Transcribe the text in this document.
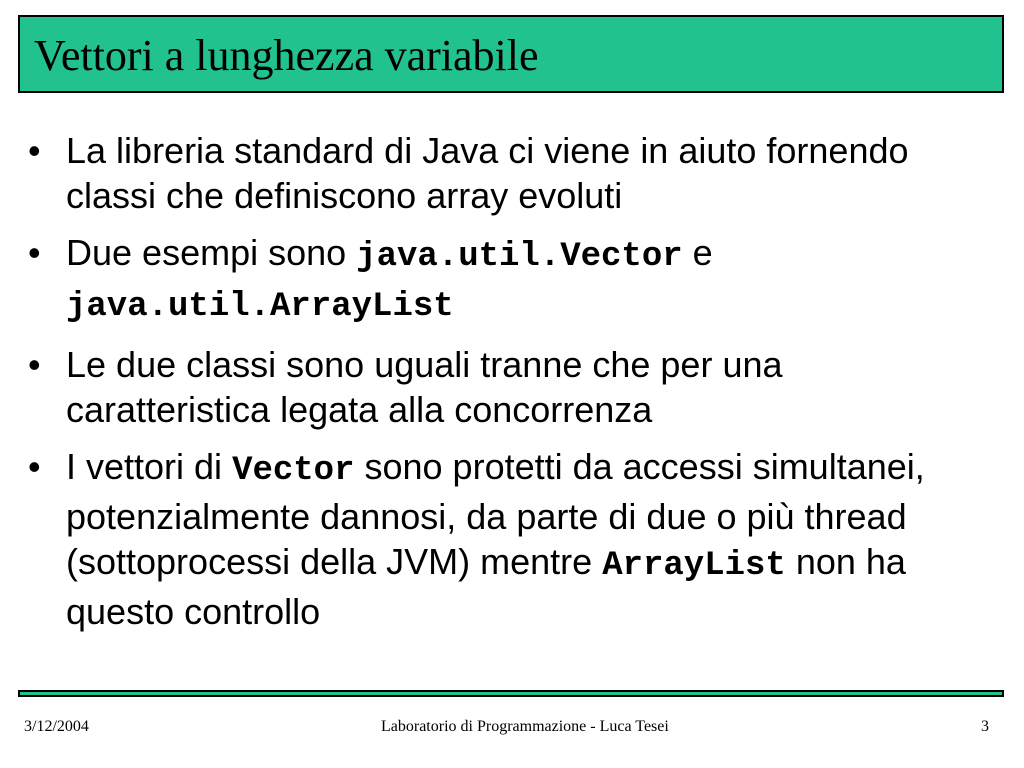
Vettori a lunghezza variabile
• La libreria standard di Java ci viene in aiuto fornendo classi che definiscono array evoluti
• Due esempi sono java.util.Vector e
java.util.ArrayList
• Le due classi sono uguali tranne che per una caratteristica legata alla concorrenza
• I vettori di Vector sono protetti da accessi simultanei, potenzialmente dannosi, da parte di due o più thread (sottoprocessi della JVM) mentre ArrayList non ha questo controllo
3/12/2004	Laboratorio di Programmazione - Luca Tesei	3
